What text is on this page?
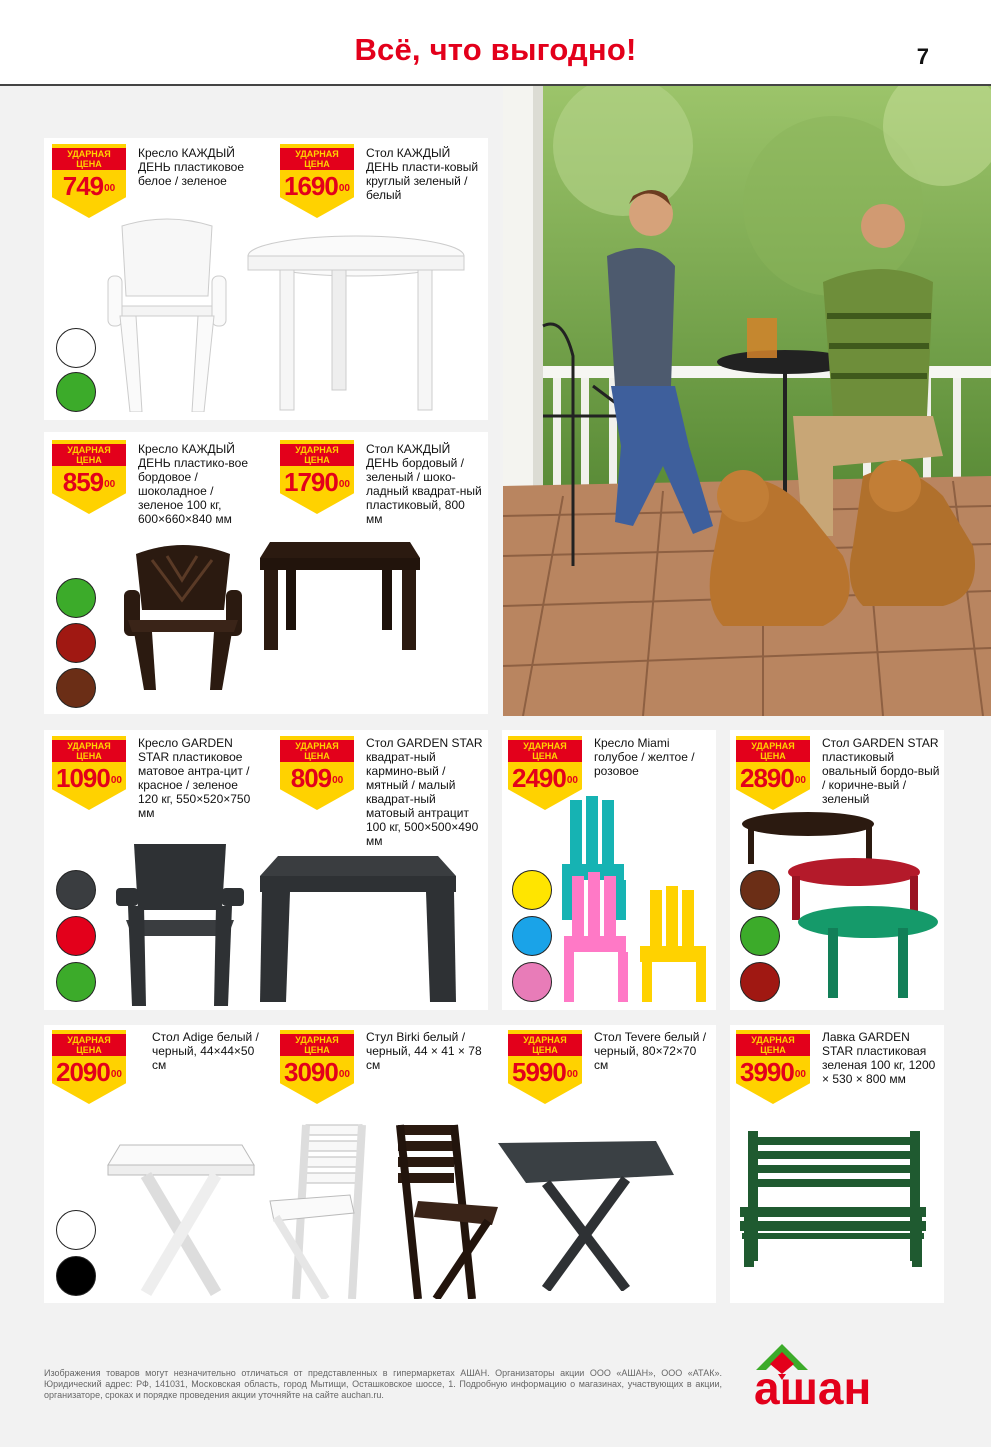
Всё, что выгодно!	7
УДАРНАЯ
ЦЕНА
$749^{00}$
Кресло КАЖДЫЙ ДЕНЬ пластиковое белое / зеленое
УДАРНАЯ
ЦЕНА
1690$^{00}$
Стол КАЖДЫЙ ДЕНЬ пласти-ковый круглый зеленый / белый
УДАРНАЯ
ЦЕНА
$859^{00}$
Кресло КАЖДЫЙ ДЕНЬ пластико-вое бордовое / шоколадное / зеленое 100 кг, 600×660×840 мм
УДАРНАЯ
ЦЕНА
1790$^{00}$
Стол КАЖДЫЙ ДЕНЬ бордовый / зеленый / шоко-ладный квадрат-ный пластиковый, 800 мм
УДАРНАЯ
ЦЕНА
1090$^{00}$
Кресло GARDEN STAR пластиковое матовое антра-цит / красное / зеленое 120 кг, 550×520×750 мм
УДАРНАЯ
ЦЕНА
$809^{00}$
Стол GARDEN STAR квадрат-ный кармино-вый / мятный / малый квадрат-ный матовый антрацит 100 кг, 500×500×490 мм
УДАРНАЯ
ЦЕНА
2490$^{00}$
Кресло Miami голубое / желтое / розовое
УДАРНАЯ
ЦЕНА
2890$^{00}$
Стол GARDEN STAR пластиковый овальный бордо-вый / коричне-вый / зеленый
УДАРНАЯ
ЦЕНА
2090$^{00}$
Стол Adige белый / черный, 44×44×50 см
УДАРНАЯ
ЦЕНА
3090$^{00}$
Стул Birki белый / черный, 44 × 41 × 78 см
УДАРНАЯ
ЦЕНА
5990$^{00}$
Стол Tevere белый / черный, 80×72×70 см
УДАРНАЯ
ЦЕНА
3990$^{00}$
Лавка GARDEN STAR пластиковая зеленая 100 кг, 1200 × 530 × 800 мм
Изображения товаров могут незначительно отличаться от представленных в гипермаркетах АШАН. Организаторы акции ООО «АШАН», ООО «АТАК». Юридический адрес: РФ, 141031, Московская область, город Мытищи, Осташковское шоссе, 1. Подробную информацию о магазинах, участвующих в акции, организаторе, сроках и порядке проведения акции уточняйте на сайте auchan.ru.	ашан
